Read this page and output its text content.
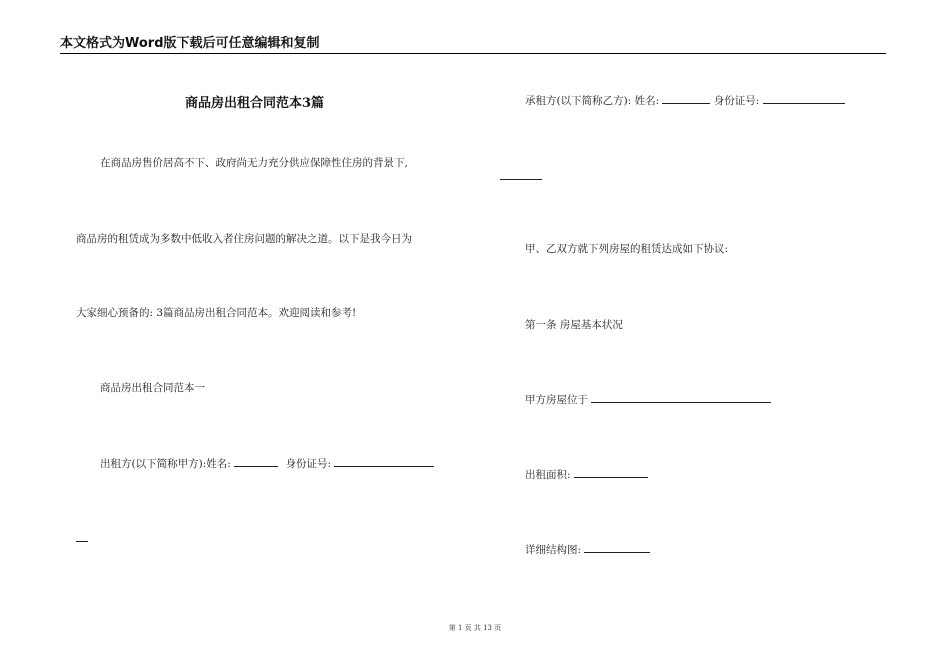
本文格式为Word版下载后可任意编辑和复制
商品房出租合同范本3篇
在商品房售价居高不下、政府尚无力充分供应保障性住房的背景下,
商品房的租赁成为多数中低收入者住房问题的解决之道。以下是我今日为
大家细心预备的: 3篇商品房出租合同范本。欢迎阅读和参考!
商品房出租合同范本一
出租方(以下简称甲方):姓名:	身份证号:
承租方(以下简称乙方): 姓名:	身份证号:
甲、乙双方就下列房屋的租赁达成如下协议:
第一条 房屋基本状况
甲方房屋位于
出租面积:
详细结构图:
第 1 页 共 13 页
